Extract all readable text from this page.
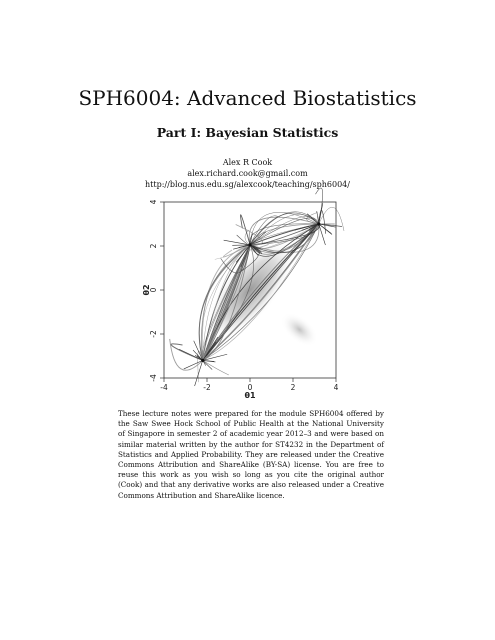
SPH6004: Advanced Biostatistics
Part I: Bayesian Statistics
Alex R Cook
alex.richard.cook@gmail.com
http://blog.nus.edu.sg/alexcook/teaching/sph6004/
-4	-2	0	2	4
-4
-2
0
2
4
θ1
θ2

These lecture notes were prepared for the module SPH6004 offered by the Saw Swee Hock School of Public Health at the National University of Singapore in semester 2 of academic year 2012–3 and were based on similar material written by the author for ST4232 in the Department of Statistics and Applied Probability. They are released under the Creative Commons Attribution and ShareAlike (BY-SA) license. You are free to reuse this work as you wish so long as you cite the original author (Cook) and that any derivative works are also released under a Creative Commons Attribution and ShareAlike licence.
